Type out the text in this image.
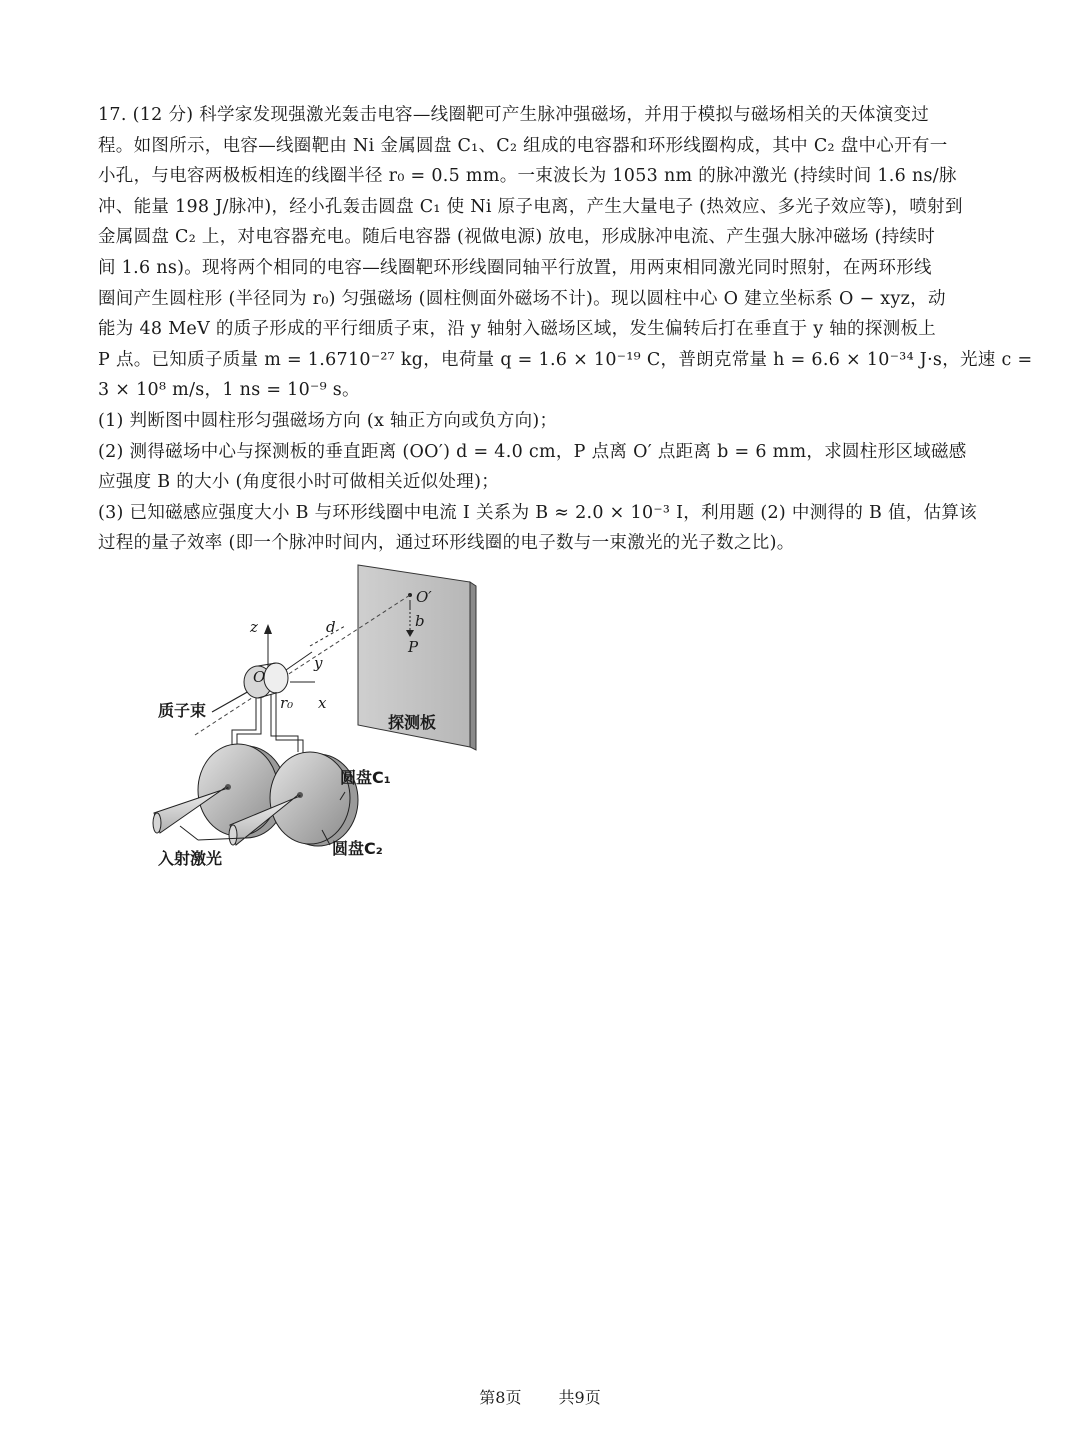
17. (12 分) 科学家发现强激光轰击电容—线圈靶可产生脉冲强磁场，并用于模拟与磁场相关的天体演变过
程。如图所示，电容—线圈靶由 Ni 金属圆盘 C₁、C₂ 组成的电容器和环形线圈构成，其中 C₂ 盘中心开有一
小孔，与电容两极板相连的线圈半径 r₀ = 0.5 mm。一束波长为 1053 nm 的脉冲激光 (持续时间 1.6 ns/脉
冲、能量 198 J/脉冲)，经小孔轰击圆盘 C₁ 使 Ni 原子电离，产生大量电子 (热效应、多光子效应等)，喷射到
金属圆盘 C₂ 上，对电容器充电。随后电容器 (视做电源) 放电，形成脉冲电流、产生强大脉冲磁场 (持续时
间 1.6 ns)。现将两个相同的电容—线圈靶环形线圈同轴平行放置，用两束相同激光同时照射，在两环形线
圈间产生圆柱形 (半径同为 r₀) 匀强磁场 (圆柱侧面外磁场不计)。现以圆柱中心 O 建立坐标系 O − xyz，动
能为 48 MeV 的质子形成的平行细质子束，沿 y 轴射入磁场区域，发生偏转后打在垂直于 y 轴的探测板上
P 点。已知质子质量 m = 1.6710⁻²⁷ kg，电荷量 q = 1.6 × 10⁻¹⁹ C，普朗克常量 h = 6.6 × 10⁻³⁴ J·s，光速 c =
3 × 10⁸ m/s，1 ns = 10⁻⁹ s。
(1) 判断图中圆柱形匀强磁场方向 (x 轴正方向或负方向)；
(2) 测得磁场中心与探测板的垂直距离 (OO′) d = 4.0 cm，P 点离 O′ 点距离 b = 6 mm，求圆柱形区域磁感
应强度 B 的大小 (角度很小时可做相关近似处理)；
(3) 已知磁感应强度大小 B 与环形线圈中电流 I 关系为 B ≈ 2.0 × 10⁻³ I，利用题 (2) 中测得的 B 值，估算该
过程的量子效率 (即一个脉冲时间内，通过环形线圈的电子数与一束激光的光子数之比)。
质子束
探测板
圆盘C₁
圆盘C₂
入射激光
z
y
x
O
r₀
d
O′
b
P
第8页 共9页
